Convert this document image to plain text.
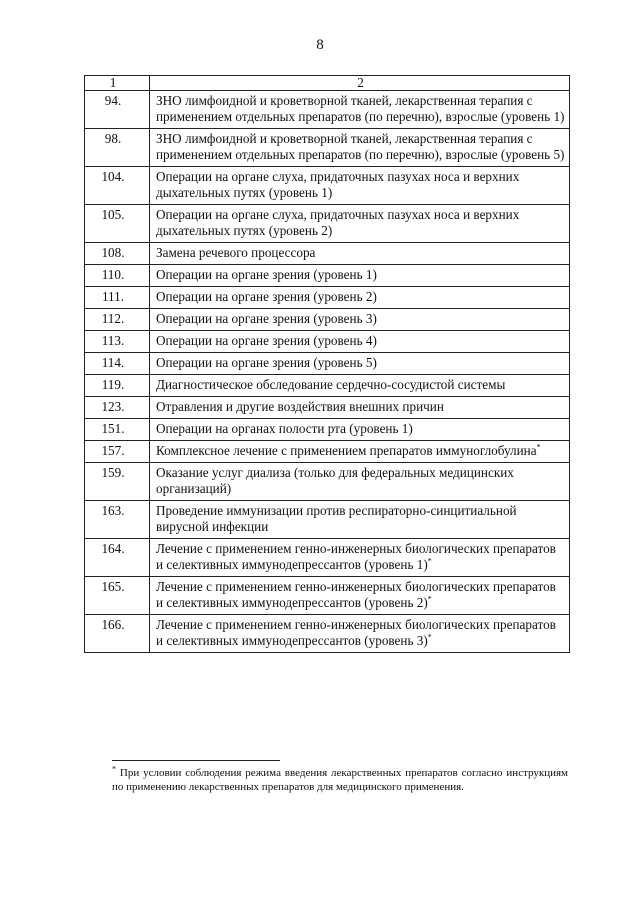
8
1	2
94.	ЗНО лимфоидной и кроветворной тканей, лекарственная терапия с применением отдельных препаратов (по перечню), взрослые (уровень 1)
98.	ЗНО лимфоидной и кроветворной тканей, лекарственная терапия с применением отдельных препаратов (по перечню), взрослые (уровень 5)
104.	Операции на органе слуха, придаточных пазухах носа и верхних дыхательных путях (уровень 1)
105.	Операции на органе слуха, придаточных пазухах носа и верхних дыхательных путях (уровень 2)
108.	Замена речевого процессора
110.	Операции на органе зрения (уровень 1)
111.	Операции на органе зрения (уровень 2)
112.	Операции на органе зрения (уровень 3)
113.	Операции на органе зрения (уровень 4)
114.	Операции на органе зрения (уровень 5)
119.	Диагностическое обследование сердечно-сосудистой системы
123.	Отравления и другие воздействия внешних причин
151.	Операции на органах полости рта (уровень 1)
157.	Комплексное лечение с применением препаратов иммуноглобулина*
159.	Оказание услуг диализа (только для федеральных медицинских организаций)
163.	Проведение иммунизации против респираторно-синцитиальной вирусной инфекции
164.	Лечение с применением генно-инженерных биологических препаратов и селективных иммунодепрессантов (уровень 1)*
165.	Лечение с применением генно-инженерных биологических препаратов и селективных иммунодепрессантов (уровень 2)*
166.	Лечение с применением генно-инженерных биологических препаратов и селективных иммунодепрессантов (уровень 3)*
* При условии соблюдения режима введения лекарственных препаратов согласно инструкциям по применению лекарственных препаратов для медицинского применения.
